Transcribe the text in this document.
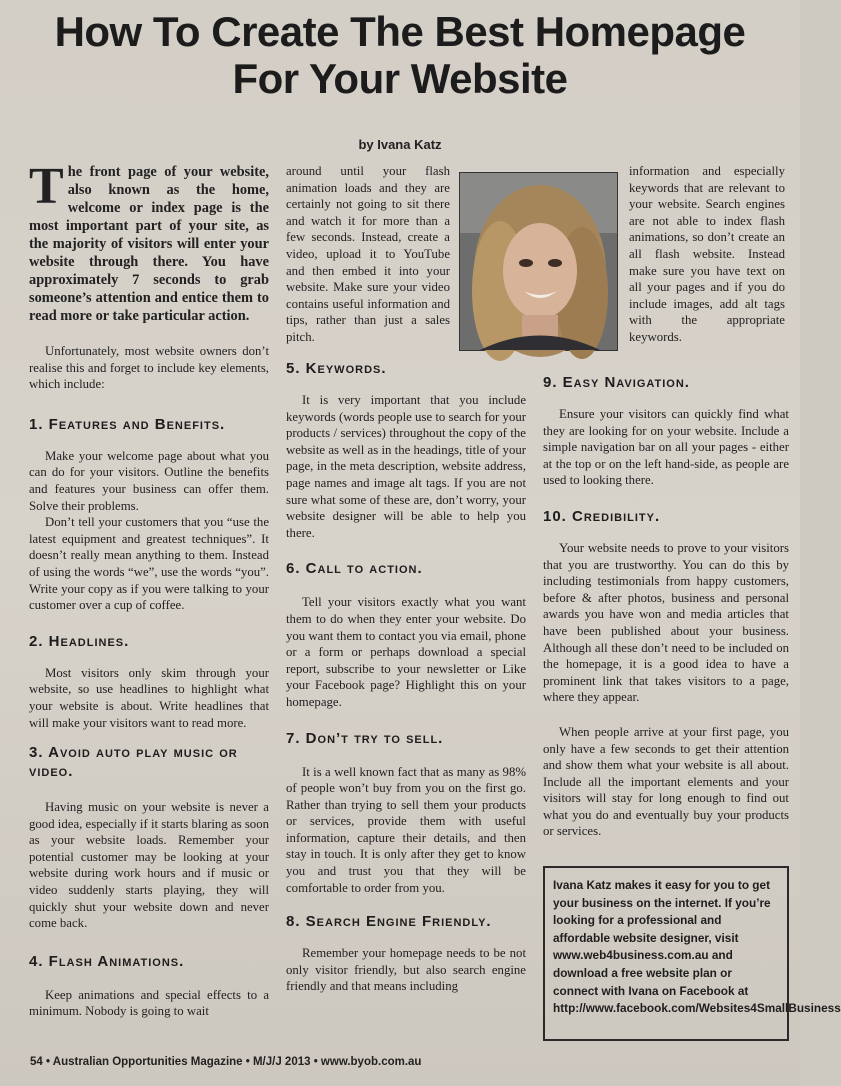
How To Create The Best Homepage
For Your Website
by Ivana Katz

The front page of your website, also known as the home, welcome or index page is the most important part of your site, as the majority of visitors will enter your website through there. You have approximately 7 seconds to grab someone’s attention and entice them to read more or take particular action.

Unfortunately, most website owners don’t realise this and forget to include key elements, which include:

1. Features and Benefits.

Make your welcome page about what you can do for your visitors. Outline the benefits and features your business can offer them. Solve their problems.

Don’t tell your customers that you “use the latest equipment and greatest techniques”. It doesn’t really mean anything to them. Instead of using the words “we”, use the words “you”. Write your copy as if you were talking to your customer over a cup of coffee.

2. Headlines.

Most visitors only skim through your website, so use headlines to highlight what your website is about. Write headlines that will make your visitors want to read more.

3. Avoid auto play music or video.

Having music on your website is never a good idea, especially if it starts blaring as soon as your website loads. Remember your potential customer may be looking at your website during work hours and if music or video suddenly starts playing, they will quickly shut your website down and never come back.

4. Flash Animations.

Keep animations and special effects to a minimum. Nobody is going to wait

around until your flash animation loads and they are certainly not going to sit there and watch it for more than a few seconds. Instead, create a video, upload it to YouTube and then embed it into your website. Make sure your video contains useful information and tips, rather than just a sales pitch.

5. Keywords.

It is very important that you include keywords (words people use to search for your products / services) throughout the copy of the website as well as in the headings, title of your page, in the meta description, website address, page names and image alt tags. If you are not sure what some of these are, don’t worry, your website designer will be able to help you there.

6. Call to action.

Tell your visitors exactly what you want them to do when they enter your website. Do you want them to contact you via email, phone or a form or perhaps download a special report, subscribe to your newsletter or Like your Facebook page? Highlight this on your homepage.

7. Don’t try to sell.

It is a well known fact that as many as 98% of people won’t buy from you on the first go. Rather than trying to sell them your products or services, provide them with useful information, capture their details, and then stay in touch. It is only after they get to know you and trust you that they will be comfortable to order from you.

8. Search Engine Friendly.

Remember your homepage needs to be not only visitor friendly, but also search engine friendly and that means including

information and especially keywords that are relevant to your website. Search engines are not able to index flash animations, so don’t create an all flash website. Instead make sure you have text on all your pages and if you do include images, add alt tags with the appropriate keywords.

9. Easy Navigation.

Ensure your visitors can quickly find what they are looking for on your website. Include a simple navigation bar on all your pages - either at the top or on the left hand-side, as people are used to looking there.

10. Credibility.

Your website needs to prove to your visitors that you are trustworthy. You can do this by including testimonials from happy customers, before & after photos, business and personal awards you have won and media articles that have been published about your business. Although all these don’t need to be included on the homepage, it is a good idea to have a prominent link that takes visitors to a page, where they appear.

When people arrive at your first page, you only have a few seconds to get their attention and show them what your website is all about. Include all the important elements and your visitors will stay for long enough to find out what you do and eventually buy your products or services.

Ivana Katz makes it easy for you to get your business on the internet. If you’re looking for a professional and affordable website designer, visit www.web4business.com.au and download a free website plan or connect with Ivana on Facebook at http://www.facebook.com/Websites4SmallBusiness
54 • Australian Opportunities Magazine • M/J/J 2013 • www.byob.com.au
